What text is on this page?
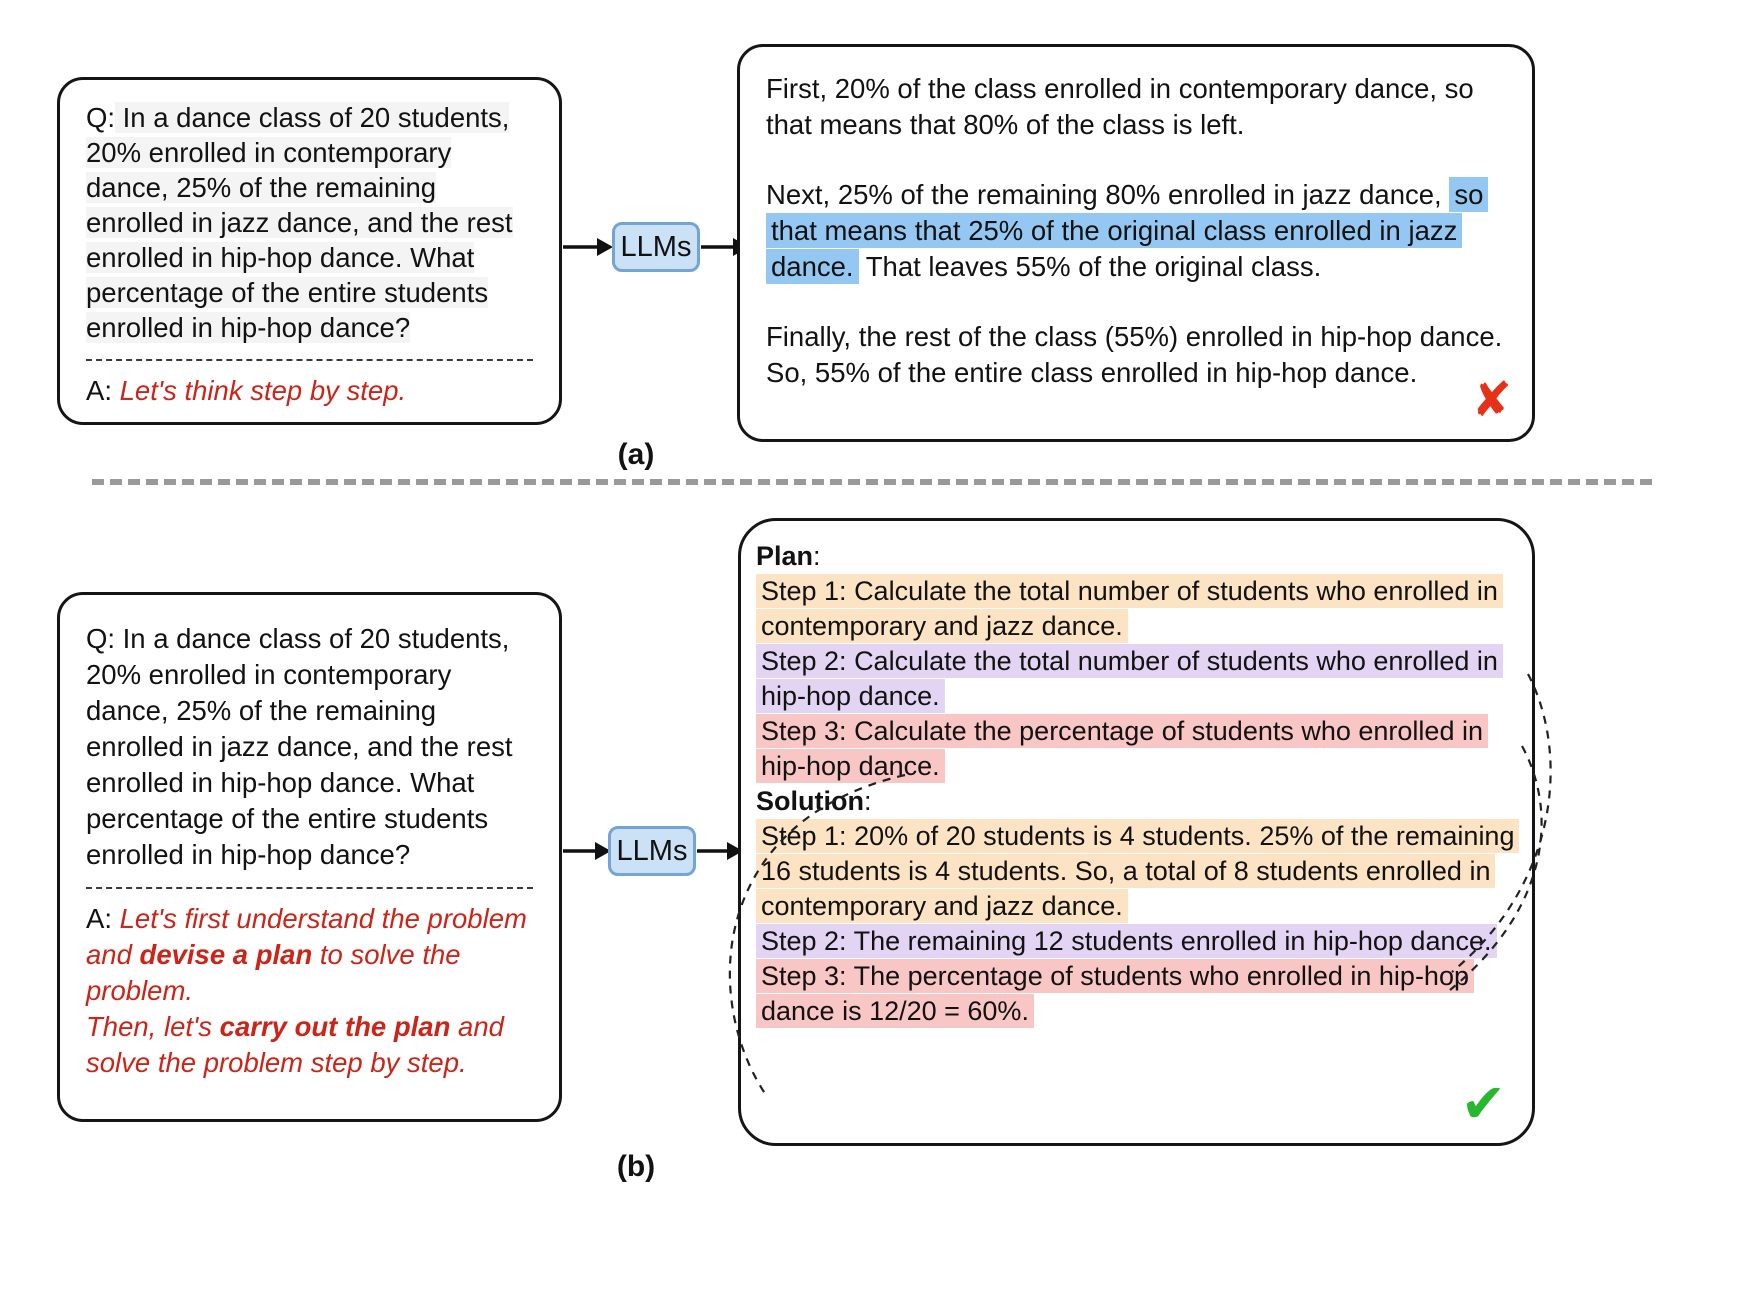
Q: In a dance class of 20 students, 20% enrolled in contemporary dance, 25% of the remaining enrolled in jazz dance, and the rest enrolled in hip-hop dance. What percentage of the entire students enrolled in hip-hop dance?

A: Let's think step by step.

LLMs

First, 20% of the class enrolled in contemporary dance, so that means that 80% of the class is left.

Next, 25% of the remaining 80% enrolled in jazz dance, so that means that 25% of the original class enrolled in jazz dance. That leaves 55% of the original class.

Finally, the rest of the class (55%) enrolled in hip-hop dance. So, 55% of the entire class enrolled in hip-hop dance.

✘
(a)

Q: In a dance class of 20 students, 20% enrolled in contemporary dance, 25% of the remaining enrolled in jazz dance, and the rest enrolled in hip-hop dance. What percentage of the entire students enrolled in hip-hop dance?

A: Let's first understand the problem and devise a plan to solve the problem.

Then, let's carry out the plan and solve the problem step by step.

LLMs

Plan:

Step 1: Calculate the total number of students who enrolled in contemporary and jazz dance.

Step 2: Calculate the total number of students who enrolled in hip-hop dance.

Step 3: Calculate the percentage of students who enrolled in hip-hop dance.

Solution:

Step 1: 20% of 20 students is 4 students. 25% of the remaining 16 students is 4 students. So, a total of 8 students enrolled in contemporary and jazz dance.

Step 2: The remaining 12 students enrolled in hip-hop dance.

Step 3: The percentage of students who enrolled in hip-hop dance is 12/20 = 60%.

✔
(b)
